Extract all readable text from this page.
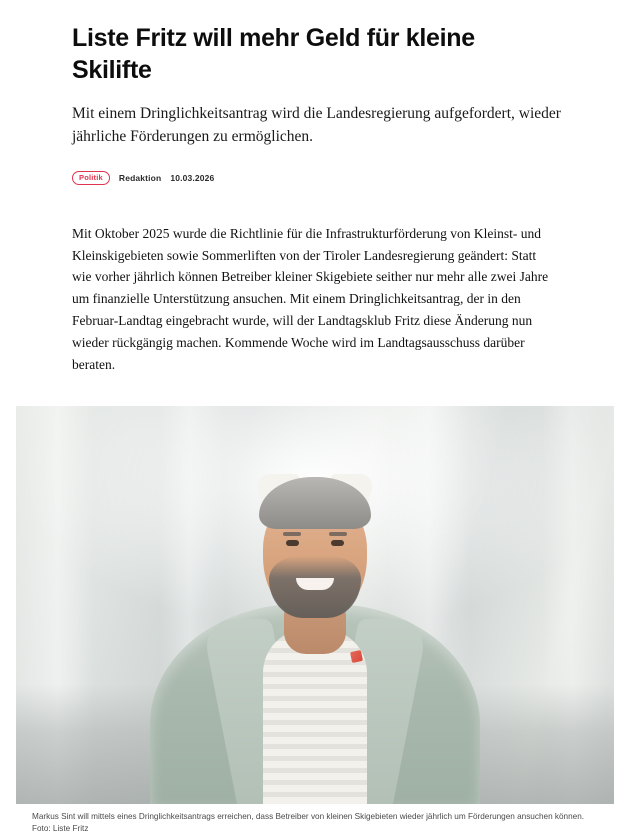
Liste Fritz will mehr Geld für kleine Skilifte

Mit einem Dringlichkeitsantrag wird die Landesregierung aufgefordert, wieder jährliche Förderungen zu ermöglichen.

Politik	Redaktion 10.03.2026

Mit Oktober 2025 wurde die Richtlinie für die Infrastrukturförderung von Kleinst- und Kleinskigebieten sowie Sommerliften von der Tiroler Landesregierung geändert: Statt wie vorher jährlich können Betreiber kleiner Skigebiete seither nur mehr alle zwei Jahre um finanzielle Unterstützung ansuchen. Mit einem Dringlichkeitsantrag, der in den Februar-Landtag eingebracht wurde, will der Landtagsklub Fritz diese Änderung nun wieder rückgängig machen. Kommende Woche wird im Landtagsausschuss darüber beraten.

Markus Sint will mittels eines Dringlichkeitsantrags erreichen, dass Betreiber von kleinen Skigebieten wieder jährlich um Förderungen ansuchen können. Foto: Liste Fritz
